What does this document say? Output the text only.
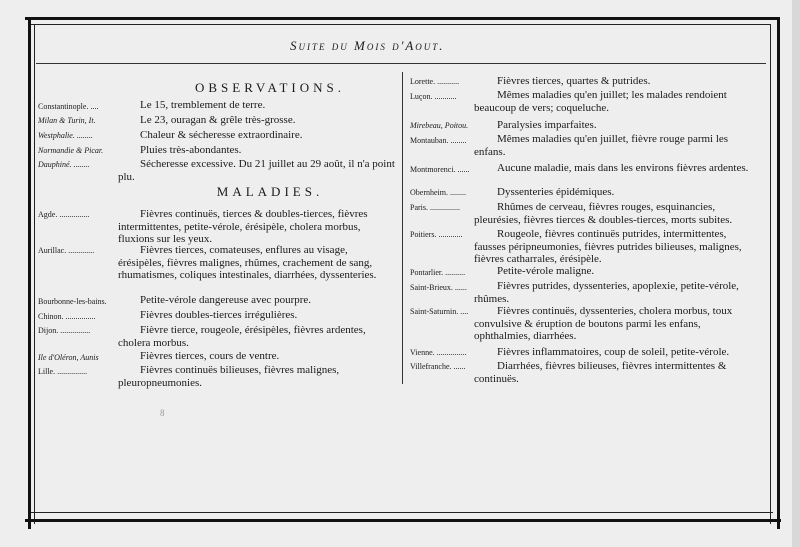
Suite du Mois d'Aout.
OBSERVATIONS.
Constantinople. ....	Le 15, tremblement de terre.
Milan & Turin, It.	Le 23, ouragan & grêle très-grosse.
Westphalie. ........	Chaleur & sécheresse extraordinaire.
Normandie & Picar.	Pluies très-abondantes.
Dauphiné. ........	Sécheresse excessive. Du 21 juillet au 29 août, il n'a point plu.
MALADIES.
Agde. ...............	Fièvres continuës, tierces & doubles-tierces, fièvres intermittentes, petite-vérole, érésipèle, cholera morbus, fluxions sur les yeux.
Aurillac. .............	Fièvres tierces, comateuses, enflures au visage, érésipèles, fièvres malignes, rhûmes, crachement de sang, rhumatismes, coliques intestinales, diarrhées, dyssenteries.
Bourbonne-les-bains.	Petite-vérole dangereuse avec pourpre.
Chinon. ...............	Fièvres doubles-tierces irrégulières.
Dijon. ...............	Fièvre tierce, rougeole, érésipèles, fièvres ardentes, cholera morbus.
Ile d'Oléron, Aunis	Fièvres tierces, cours de ventre.
Lille. ...............	Fièvres continuës bilieuses, fièvres malignes, pleuropneumonies.
Lorette. ...........	Fièvres tierces, quartes & putrides.
Luçon. ...........	Mêmes maladies qu'en juillet; les malades rendoient beaucoup de vers; coqueluche.
Mirebeau, Poitou.	Paralysies imparfaites.
Montauban. ........	Mêmes maladies qu'en juillet, fièvre rouge parmi les enfans.
Montmorenci. ......	Aucune maladie, mais dans les environs fièvres ardentes.
Obernheim. ........	Dyssenteries épidémiques.
Paris. ...............	Rhûmes de cerveau, fièvres rouges, esquinancies, pleurésies, fièvres tierces & doubles-tierces, morts subites.
Poitiers. ............	Rougeole, fièvres continuës putrides, intermittentes, fausses péripneumonies, fièvres putrides bilieuses, malignes, fièvres catharrales, érésipèle.
Pontarlier. ..........	Petite-vérole maligne.
Saint-Brieux. ......	Fièvres putrides, dyssenteries, apoplexie, petite-vérole, rhûmes.
Saint-Saturnin. ....	Fièvres continuës, dyssenteries, cholera morbus, toux convulsive & éruption de boutons parmi les enfans, ophthalmies, diarrhées.
Vienne. ...............	Fièvres inflammatoires, coup de soleil, petite-vérole.
Villefranche. ......	Diarrhées, fièvres bilieuses, fièvres intermittentes & continuës.
8
